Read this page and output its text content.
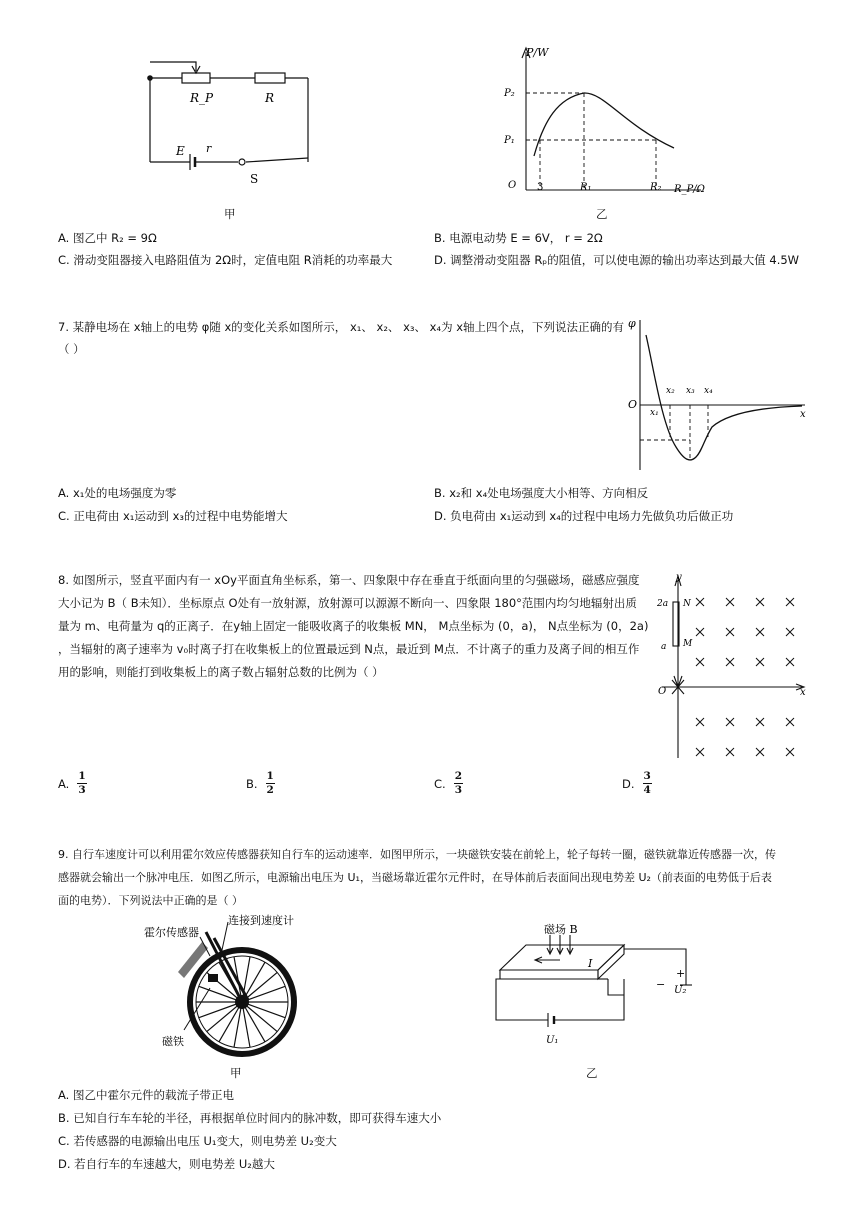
R_P	R
E r
S
甲
P/W
P₂
P₁
O 3	R₁	R₂ R_P/Ω
乙
A. 图乙中 R₂ = 9Ω	B. 电源电动势 E = 6V， r = 2Ω
C. 滑动变阻器接入电路阻值为 2Ω时，定值电阻 R消耗的功率最大	D. 调整滑动变阻器 Rₚ的阻值，可以使电源的输出功率达到最大值 4.5W
7. 某静电场在 x轴上的电势 φ随 x的变化关系如图所示， x₁、 x₂、 x₃、 x₄为 x轴上四个点，下列说法正确的有
（ ）
φ
O
x
x₁
x₂ x₃ x₄
A. x₁处的电场强度为零	B. x₂和 x₄处电场强度大小相等、方向相反
C. 正电荷由 x₁运动到 x₃的过程中电势能增大	D. 负电荷由 x₁运动到 x₄的过程中电场力先做负功后做正功
8. 如图所示，竖直平面内有一 xOy平面直角坐标系，第一、四象限中存在垂直于纸面向里的匀强磁场，磁感应强度
大小记为 B（ B未知）．坐标原点 O处有一放射源，放射源可以源源不断向一、四象限 180°范围内均匀地辐射出质
量为 m、电荷量为 q的正离子．在y轴上固定一能吸收离子的收集板 MN， M点坐标为 (0，a)， N点坐标为 (0，2a)
，当辐射的离子速率为 v₀时离子打在收集板上的位置最远到 N点，最近到 M点．不计离子的重力及离子间的相互作
用的影响，则能打到收集板上的离子数占辐射总数的比例为（ ）
y
x
O
2a
a
N
M
A. $\frac{1}{3}$	B. $\frac{1}{2}$	C. $\frac{2}{3}$	D. $\frac{3}{4}$
9. 自行车速度计可以利用霍尔效应传感器获知自行车的运动速率．如图甲所示，一块磁铁安装在前轮上，轮子每转一圈，磁铁就靠近传感器一次，传
感器就会输出一个脉冲电压．如图乙所示，电源输出电压为 U₁，当磁场靠近霍尔元件时，在导体前后表面间出现电势差 U₂（前表面的电势低于后表
面的电势）．下列说法中正确的是（ ）
霍尔传感器
连接到速度计
磁铁
甲
磁场 B
I
+
− U₂
U₁
乙
A. 图乙中霍尔元件的载流子带正电
B. 已知自行车车轮的半径，再根据单位时间内的脉冲数，即可获得车速大小
C. 若传感器的电源输出电压 U₁变大，则电势差 U₂变大
D. 若自行车的车速越大，则电势差 U₂越大
